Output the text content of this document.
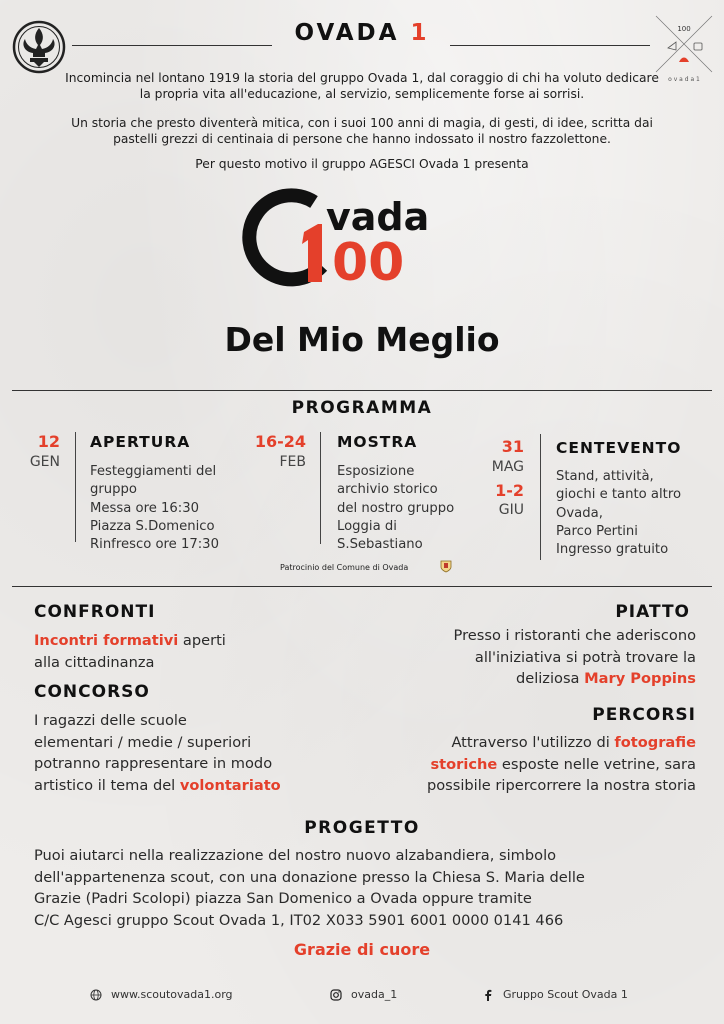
OVADA 1	100
o v a d a 1

Incomincia nel lontano 1919 la storia del gruppo Ovada 1, dal coraggio di chi ha voluto dedicare la propria vita all'educazione, al servizio, semplicemente forse ai sorrisi.

Un storia che presto diventerà mitica, con i suoi 100 anni di magia, di gesti, di idee, scritta dai pastelli grezzi di centinaia di persone che hanno indossato il nostro fazzolettone.

Per questo motivo il gruppo AGESCI Ovada 1 presenta

vada
00
Del Mio Meglio
PROGRAMMA
12
GEN
APERTURA
Festeggiamenti del
gruppo
Messa ore 16:30
Piazza S.Domenico
Rinfresco ore 17:30
16-24
FEB
MOSTRA
Esposizione
archivio storico
del nostro gruppo
Loggia di
S.Sebastiano
31
MAG
1-2
GIU
CENTEVENTO
Stand, attività,
giochi e tanto altro
Ovada,
Parco Pertini
Ingresso gratuito
Patrocinio del Comune di Ovada
CONFRONTI
Incontri formativi aperti
alla cittadinanza
CONCORSO
I ragazzi delle scuole
elementari / medie / superiori
potranno rappresentare in modo
artistico il tema del volontariato
PIATTO
Presso i ristoranti che aderiscono
all'iniziativa si potrà trovare la
deliziosa Mary Poppins
PERCORSI
Attraverso l'utilizzo di fotografie
storiche esposte nelle vetrine, sara
possibile ripercorrere la nostra storia
PROGETTO
Puoi aiutarci nella realizzazione del nostro nuovo alzabandiera, simbolo
dell'appartenenza scout, con una donazione presso la Chiesa S. Maria delle
Grazie (Padri Scolopi) piazza San Domenico a Ovada oppure tramite
C/C Agesci gruppo Scout Ovada 1, IT02 X033 5901 6001 0000 0141 466
Grazie di cuore
www.scoutovada1.org	ovada_1	Gruppo Scout Ovada 1
